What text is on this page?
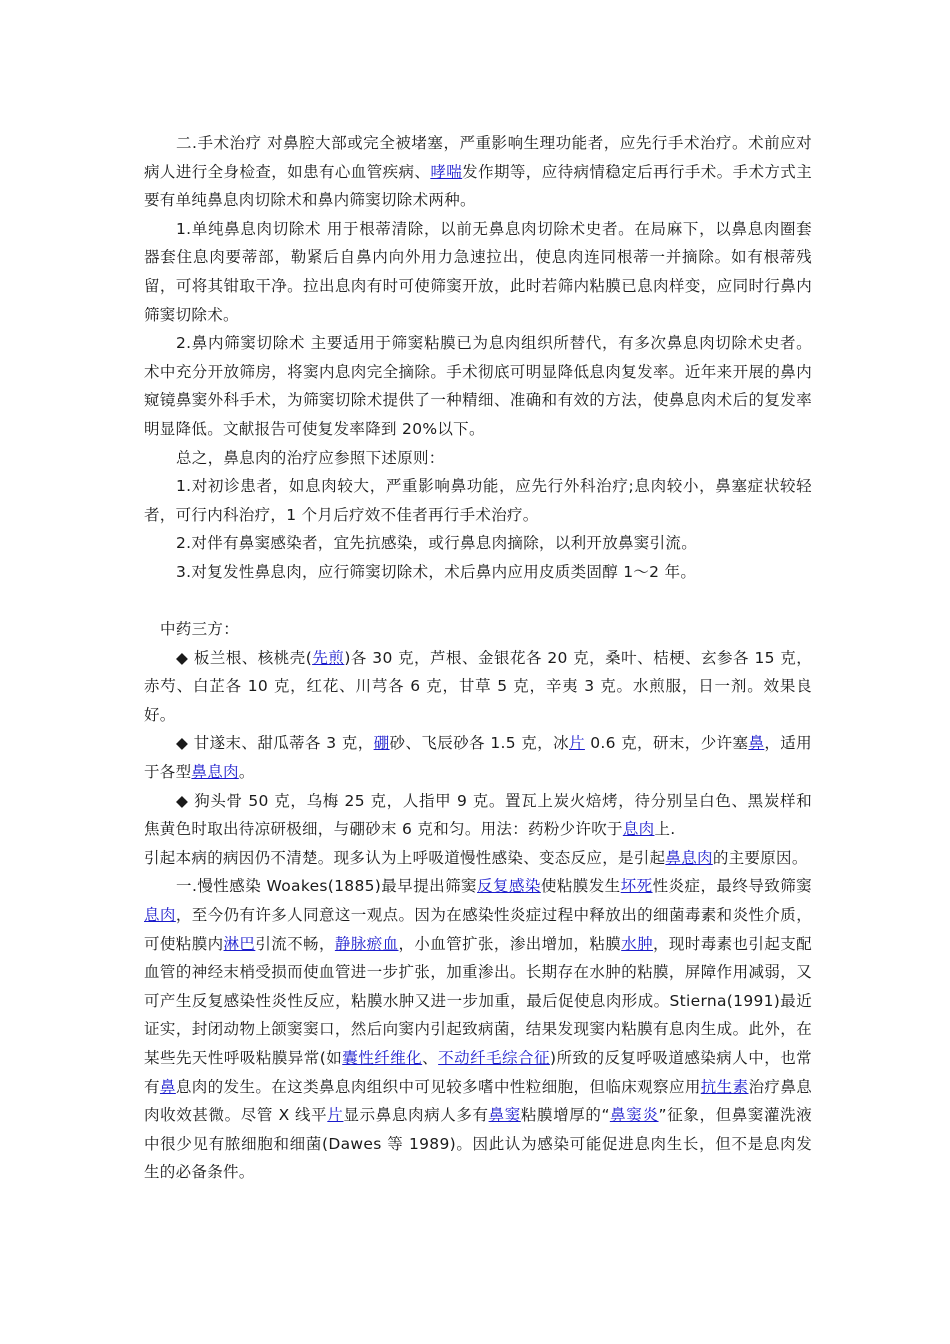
二.手术治疗 对鼻腔大部或完全被堵塞，严重影响生理功能者，应先行手术治疗。术前应对病人进行全身检查，如患有心血管疾病、哮喘发作期等，应待病情稳定后再行手术。手术方式主要有单纯鼻息肉切除术和鼻内筛窦切除术两种。

1.单纯鼻息肉切除术 用于根蒂清除，以前无鼻息肉切除术史者。在局麻下，以鼻息肉圈套器套住息肉要蒂部，勒紧后自鼻内向外用力急速拉出，使息肉连同根蒂一并摘除。如有根蒂残留，可将其钳取干净。拉出息肉有时可使筛窦开放，此时若筛内粘膜已息肉样变，应同时行鼻内筛窦切除术。

2.鼻内筛窦切除术 主要适用于筛窦粘膜已为息肉组织所替代，有多次鼻息肉切除术史者。术中充分开放筛房，将窦内息肉完全摘除。手术彻底可明显降低息肉复发率。近年来开展的鼻内窥镜鼻窦外科手术，为筛窦切除术提供了一种精细、准确和有效的方法，使鼻息肉术后的复发率明显降低。文献报告可使复发率降到 20%以下。

总之，鼻息肉的治疗应参照下述原则：

1.对初诊患者，如息肉较大，严重影响鼻功能，应先行外科治疗;息肉较小，鼻塞症状较轻者，可行内科治疗，1 个月后疗效不佳者再行手术治疗。

2.对伴有鼻窦感染者，宜先抗感染，或行鼻息肉摘除，以利开放鼻窦引流。

3.对复发性鼻息肉，应行筛窦切除术，术后鼻内应用皮质类固醇 1～2 年。

中药三方：

◆ 板兰根、核桃壳(先煎)各 30 克，芦根、金银花各 20 克，桑叶、桔梗、玄参各 15 克，赤芍、白芷各 10 克，红花、川芎各 6 克，甘草 5 克，辛夷 3 克。水煎服，日一剂。效果良好。

◆ 甘遂末、甜瓜蒂各 3 克，硼砂、飞辰砂各 1.5 克，冰片 0.6 克，研末，少许塞鼻，适用于各型鼻息肉。

◆ 狗头骨 50 克，乌梅 25 克，人指甲 9 克。置瓦上炭火焙烤，待分别呈白色、黑炭样和焦黄色时取出待凉研极细，与硼砂末 6 克和匀。用法：药粉少许吹于息肉上.

引起本病的病因仍不清楚。现多认为上呼吸道慢性感染、变态反应，是引起鼻息肉的主要原因。

一.慢性感染 Woakes(1885)最早提出筛窦反复感染使粘膜发生坏死性炎症，最终导致筛窦息肉，至今仍有许多人同意这一观点。因为在感染性炎症过程中释放出的细菌毒素和炎性介质，可使粘膜内淋巴引流不畅，静脉瘀血，小血管扩张，渗出增加，粘膜水肿，现时毒素也引起支配血管的神经末梢受损而使血管进一步扩张，加重渗出。长期存在水肿的粘膜，屏障作用减弱，又可产生反复感染性炎性反应，粘膜水肿又进一步加重，最后促使息肉形成。Stierna(1991)最近证实，封闭动物上颌窦窦口，然后向窦内引起致病菌，结果发现窦内粘膜有息肉生成。此外，在某些先天性呼吸粘膜异常(如囊性纤维化、不动纤毛综合征)所致的反复呼吸道感染病人中，也常有鼻息肉的发生。在这类鼻息肉组织中可见较多嗜中性粒细胞，但临床观察应用抗生素治疗鼻息肉收效甚微。尽管 X 线平片显示鼻息肉病人多有鼻窦粘膜增厚的“鼻窦炎”征象，但鼻窦灌洗液中很少见有脓细胞和细菌(Dawes 等 1989)。因此认为感染可能促进息肉生长，但不是息肉发生的必备条件。
